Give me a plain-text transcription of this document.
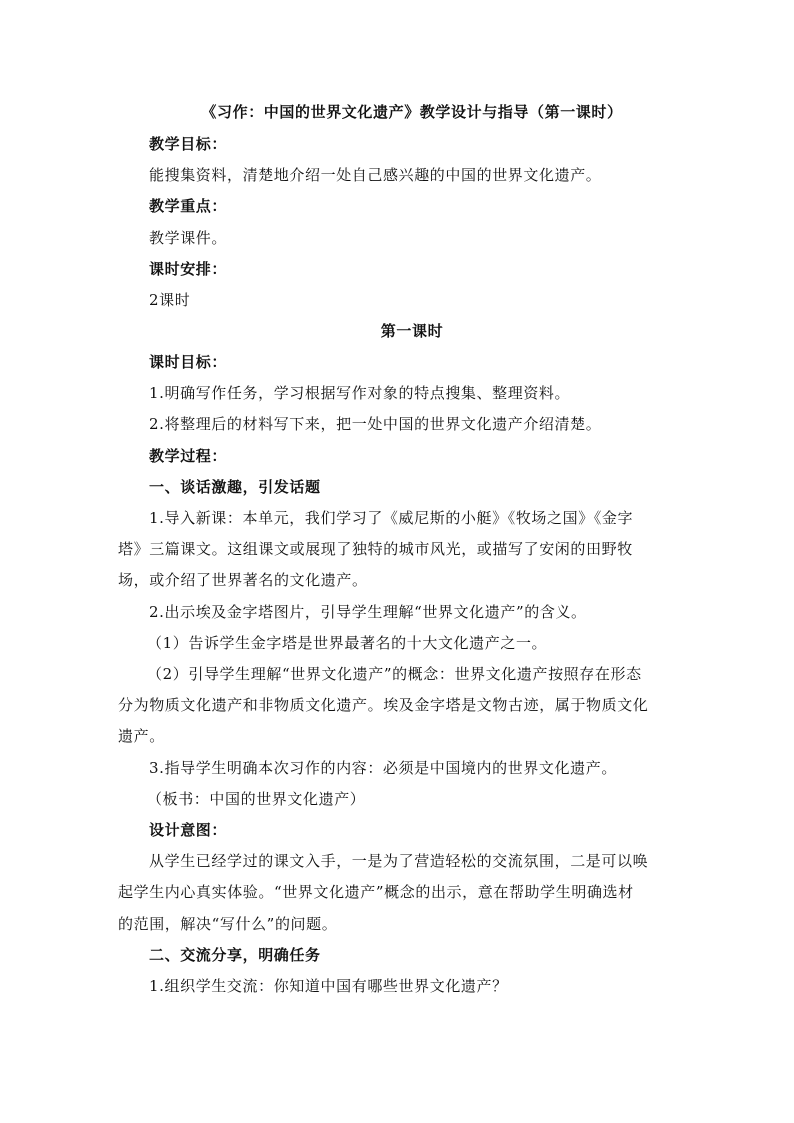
《习作：中国的世界文化遗产》教学设计与指导（第一课时）
教学目标：
能搜集资料，清楚地介绍一处自己感兴趣的中国的世界文化遗产。
教学重点：
教学课件。
课时安排：
2课时
第一课时
课时目标：
1.明确写作任务，学习根据写作对象的特点搜集、整理资料。
2.将整理后的材料写下来，把一处中国的世界文化遗产介绍清楚。
教学过程：
一、谈话激趣，引发话题
1.导入新课：本单元，我们学习了《威尼斯的小艇》《牧场之国》《金字
塔》三篇课文。这组课文或展现了独特的城市风光，或描写了安闲的田野牧
场，或介绍了世界著名的文化遗产。
2.出示埃及金字塔图片，引导学生理解“世界文化遗产”的含义。
（1）告诉学生金字塔是世界最著名的十大文化遗产之一。
（2）引导学生理解“世界文化遗产”的概念：世界文化遗产按照存在形态
分为物质文化遗产和非物质文化遗产。埃及金字塔是文物古迹，属于物质文化
遗产。
3.指导学生明确本次习作的内容：必须是中国境内的世界文化遗产。
（板书：中国的世界文化遗产）
设计意图：
从学生已经学过的课文入手，一是为了营造轻松的交流氛围，二是可以唤
起学生内心真实体验。“世界文化遗产”概念的出示，意在帮助学生明确选材
的范围，解决“写什么”的问题。
二、交流分享，明确任务
1.组织学生交流：你知道中国有哪些世界文化遗产？
